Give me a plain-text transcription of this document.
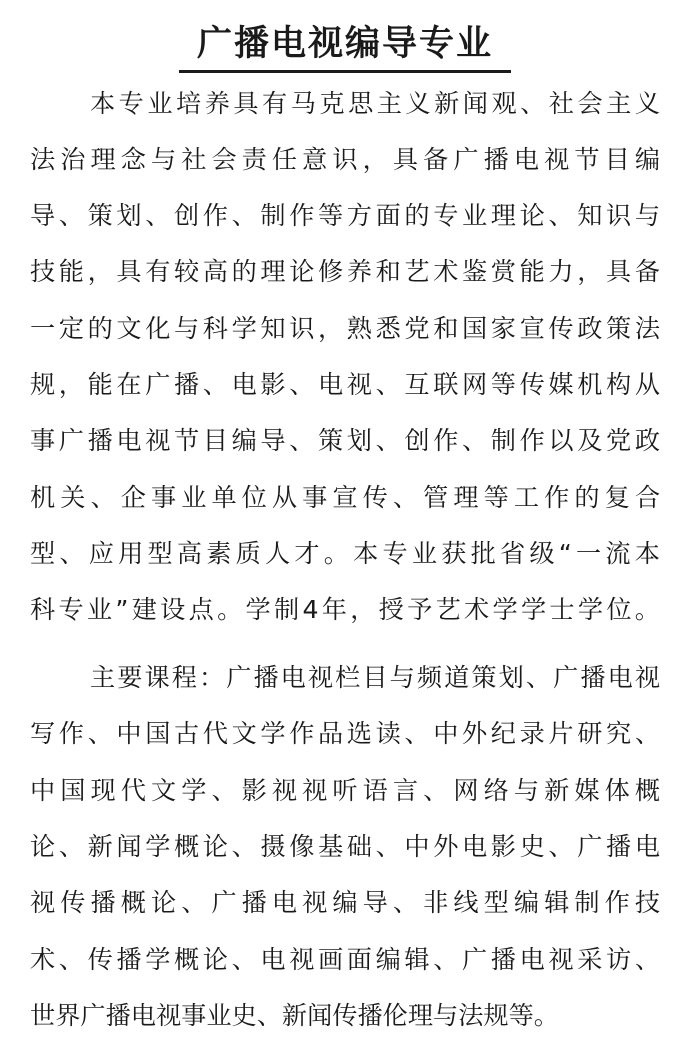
广播电视编导专业
本专业培养具有马克思主义新闻观、社会主义
法治理念与社会责任意识，具备广播电视节目编
导、策划、创作、制作等方面的专业理论、知识与
技能，具有较高的理论修养和艺术鉴赏能力，具备
一定的文化与科学知识，熟悉党和国家宣传政策法
规，能在广播、电影、电视、互联网等传媒机构从
事广播电视节目编导、策划、创作、制作以及党政
机关、企事业单位从事宣传、管理等工作的复合
型、应用型高素质人才。本专业获批省级“一流本
科专业”建设点。学制4年，授予艺术学学士学位。
主要课程：广播电视栏目与频道策划、广播电视
写作、中国古代文学作品选读、中外纪录片研究、
中国现代文学、影视视听语言、网络与新媒体概
论、新闻学概论、摄像基础、中外电影史、广播电
视传播概论、广播电视编导、非线型编辑制作技
术、传播学概论、电视画面编辑、广播电视采访、
世界广播电视事业史、新闻传播伦理与法规等。
